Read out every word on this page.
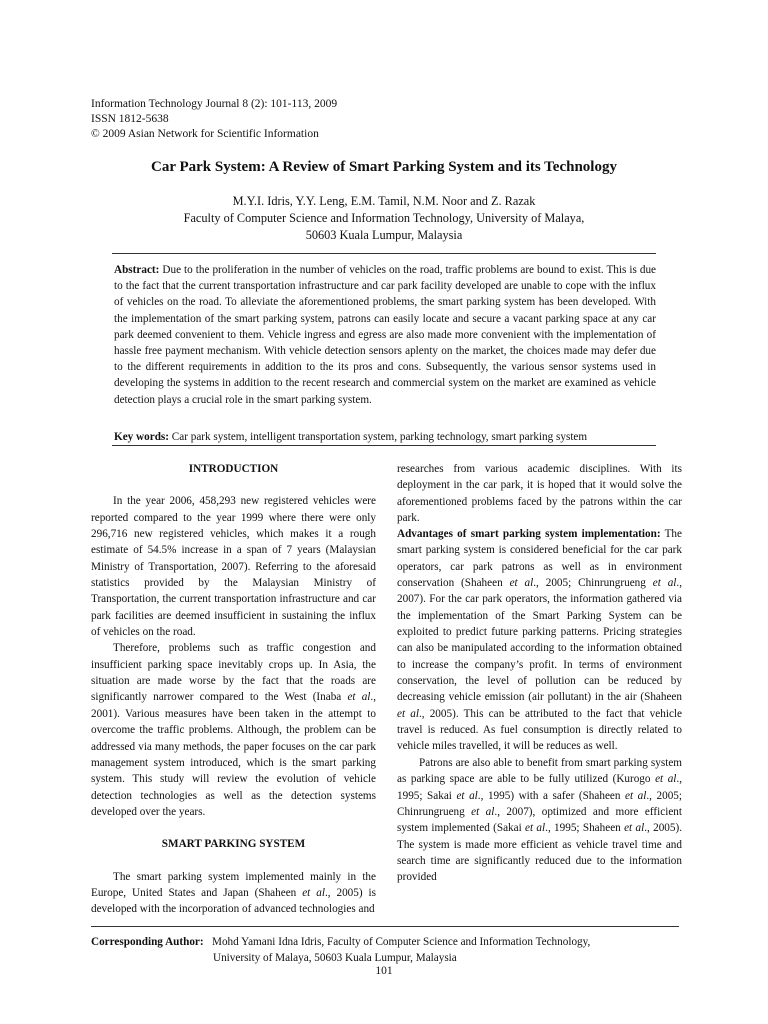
Information Technology Journal 8 (2): 101-113, 2009
ISSN 1812-5638
© 2009 Asian Network for Scientific Information
Car Park System: A Review of Smart Parking System and its Technology
M.Y.I. Idris, Y.Y. Leng, E.M. Tamil, N.M. Noor and Z. Razak
Faculty of Computer Science and Information Technology, University of Malaya,
50603 Kuala Lumpur, Malaysia
Abstract: Due to the proliferation in the number of vehicles on the road, traffic problems are bound to exist. This is due to the fact that the current transportation infrastructure and car park facility developed are unable to cope with the influx of vehicles on the road. To alleviate the aforementioned problems, the smart parking system has been developed. With the implementation of the smart parking system, patrons can easily locate and secure a vacant parking space at any car park deemed convenient to them. Vehicle ingress and egress are also made more convenient with the implementation of hassle free payment mechanism. With vehicle detection sensors aplenty on the market, the choices made may defer due to the different requirements in addition to the its pros and cons. Subsequently, the various sensor systems used in developing the systems in addition to the recent research and commercial system on the market are examined as vehicle detection plays a crucial role in the smart parking system.
Key words: Car park system, intelligent transportation system, parking technology, smart parking system

INTRODUCTION

In the year 2006, 458,293 new registered vehicles were reported compared to the year 1999 where there were only 296,716 new registered vehicles, which makes it a rough estimate of 54.5% increase in a span of 7 years (Malaysian Ministry of Transportation, 2007). Referring to the aforesaid statistics provided by the Malaysian Ministry of Transportation, the current transportation infrastructure and car park facilities are deemed insufficient in sustaining the influx of vehicles on the road.

Therefore, problems such as traffic congestion and insufficient parking space inevitably crops up. In Asia, the situation are made worse by the fact that the roads are significantly narrower compared to the West (Inaba et al., 2001). Various measures have been taken in the attempt to overcome the traffic problems. Although, the problem can be addressed via many methods, the paper focuses on the car park management system introduced, which is the smart parking system. This study will review the evolution of vehicle detection technologies as well as the detection systems developed over the years.

SMART PARKING SYSTEM

The smart parking system implemented mainly in the Europe, United States and Japan (Shaheen et al., 2005) is developed with the incorporation of advanced technologies and

researches from various academic disciplines. With its deployment in the car park, it is hoped that it would solve the aforementioned problems faced by the patrons within the car park.

Advantages of smart parking system implementation: The smart parking system is considered beneficial for the car park operators, car park patrons as well as in environment conservation (Shaheen et al., 2005; Chinrungrueng et al., 2007). For the car park operators, the information gathered via the implementation of the Smart Parking System can be exploited to predict future parking patterns. Pricing strategies can also be manipulated according to the information obtained to increase the company’s profit. In terms of environment conservation, the level of pollution can be reduced by decreasing vehicle emission (air pollutant) in the air (Shaheen et al., 2005). This can be attributed to the fact that vehicle travel is reduced. As fuel consumption is directly related to vehicle miles travelled, it will be reduces as well.

Patrons are also able to benefit from smart parking system as parking space are able to be fully utilized (Kurogo et al., 1995; Sakai et al., 1995) with a safer (Shaheen et al., 2005; Chinrungrueng et al., 2007), optimized and more efficient system implemented (Sakai et al., 1995; Shaheen et al., 2005). The system is made more efficient as vehicle travel time and search time are significantly reduced due to the information provided

Corresponding Author: Mohd Yamani Idna Idris, Faculty of Computer Science and Information Technology,
University of Malaya, 50603 Kuala Lumpur, Malaysia
101
